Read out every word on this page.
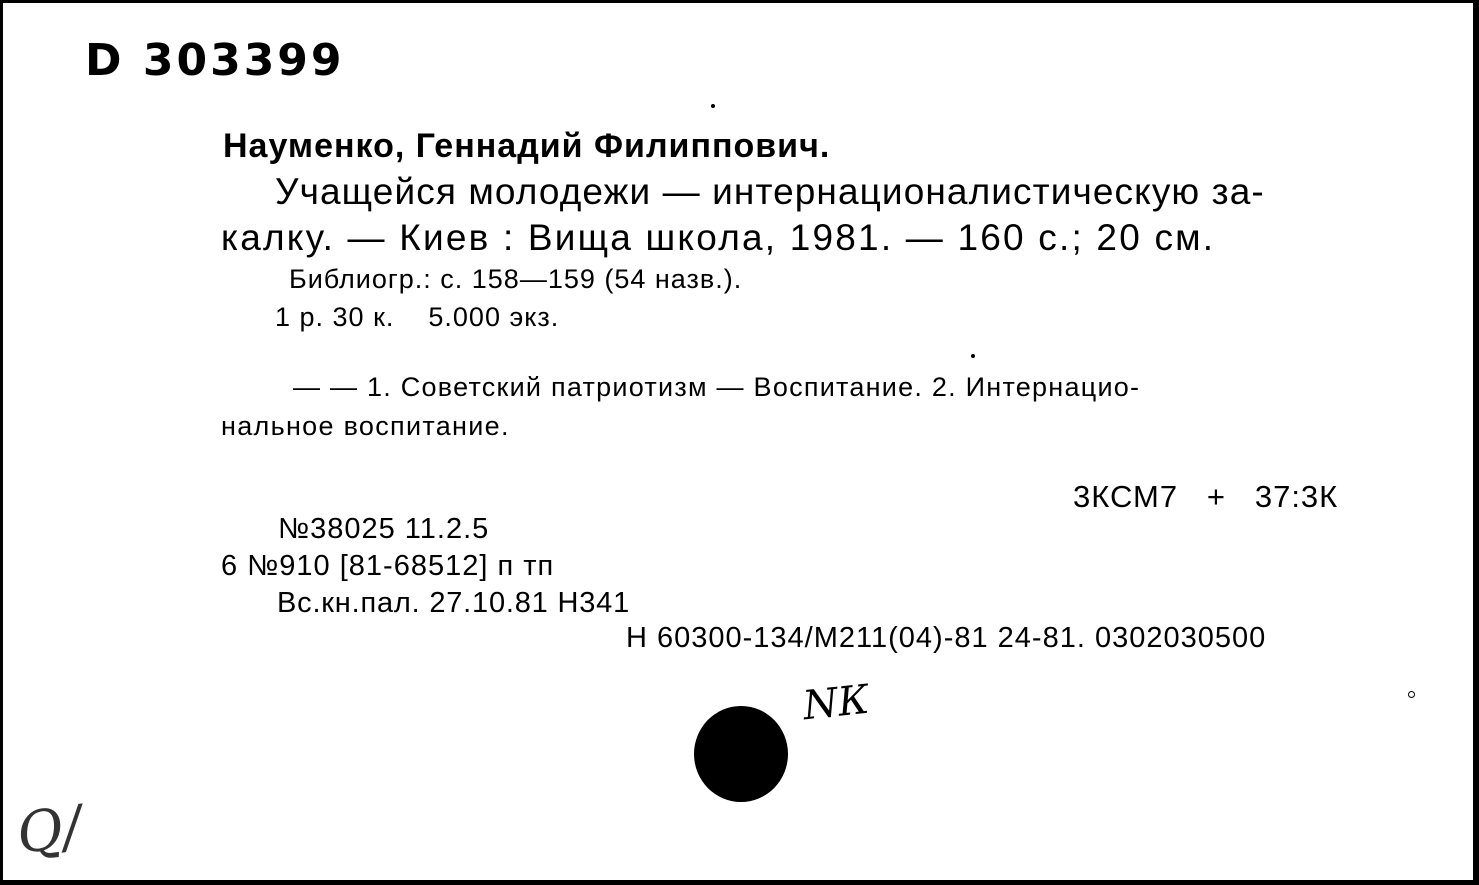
D 303399
Науменко, Геннадий Филиппович.
Учащейся молодежи — интернационалистическую за-
калку. — Киев : Вища школа, 1981. — 160 с.; 20 см.
Библиогр.: с. 158—159 (54 назв.).
1 р. 30 к.    5.000 экз.
— — 1. Советский патриотизм — Воспитание. 2. Интернацио-
нальное воспитание.
3КСМ7   +   37:3К
№38025 11.2.5
6 №910 [81-68512] п тп
Вс.кн.пал. 27.10.81 Н341
Н 60300-134/М211(04)-81 24-81. 0302030500
NК
Q/
